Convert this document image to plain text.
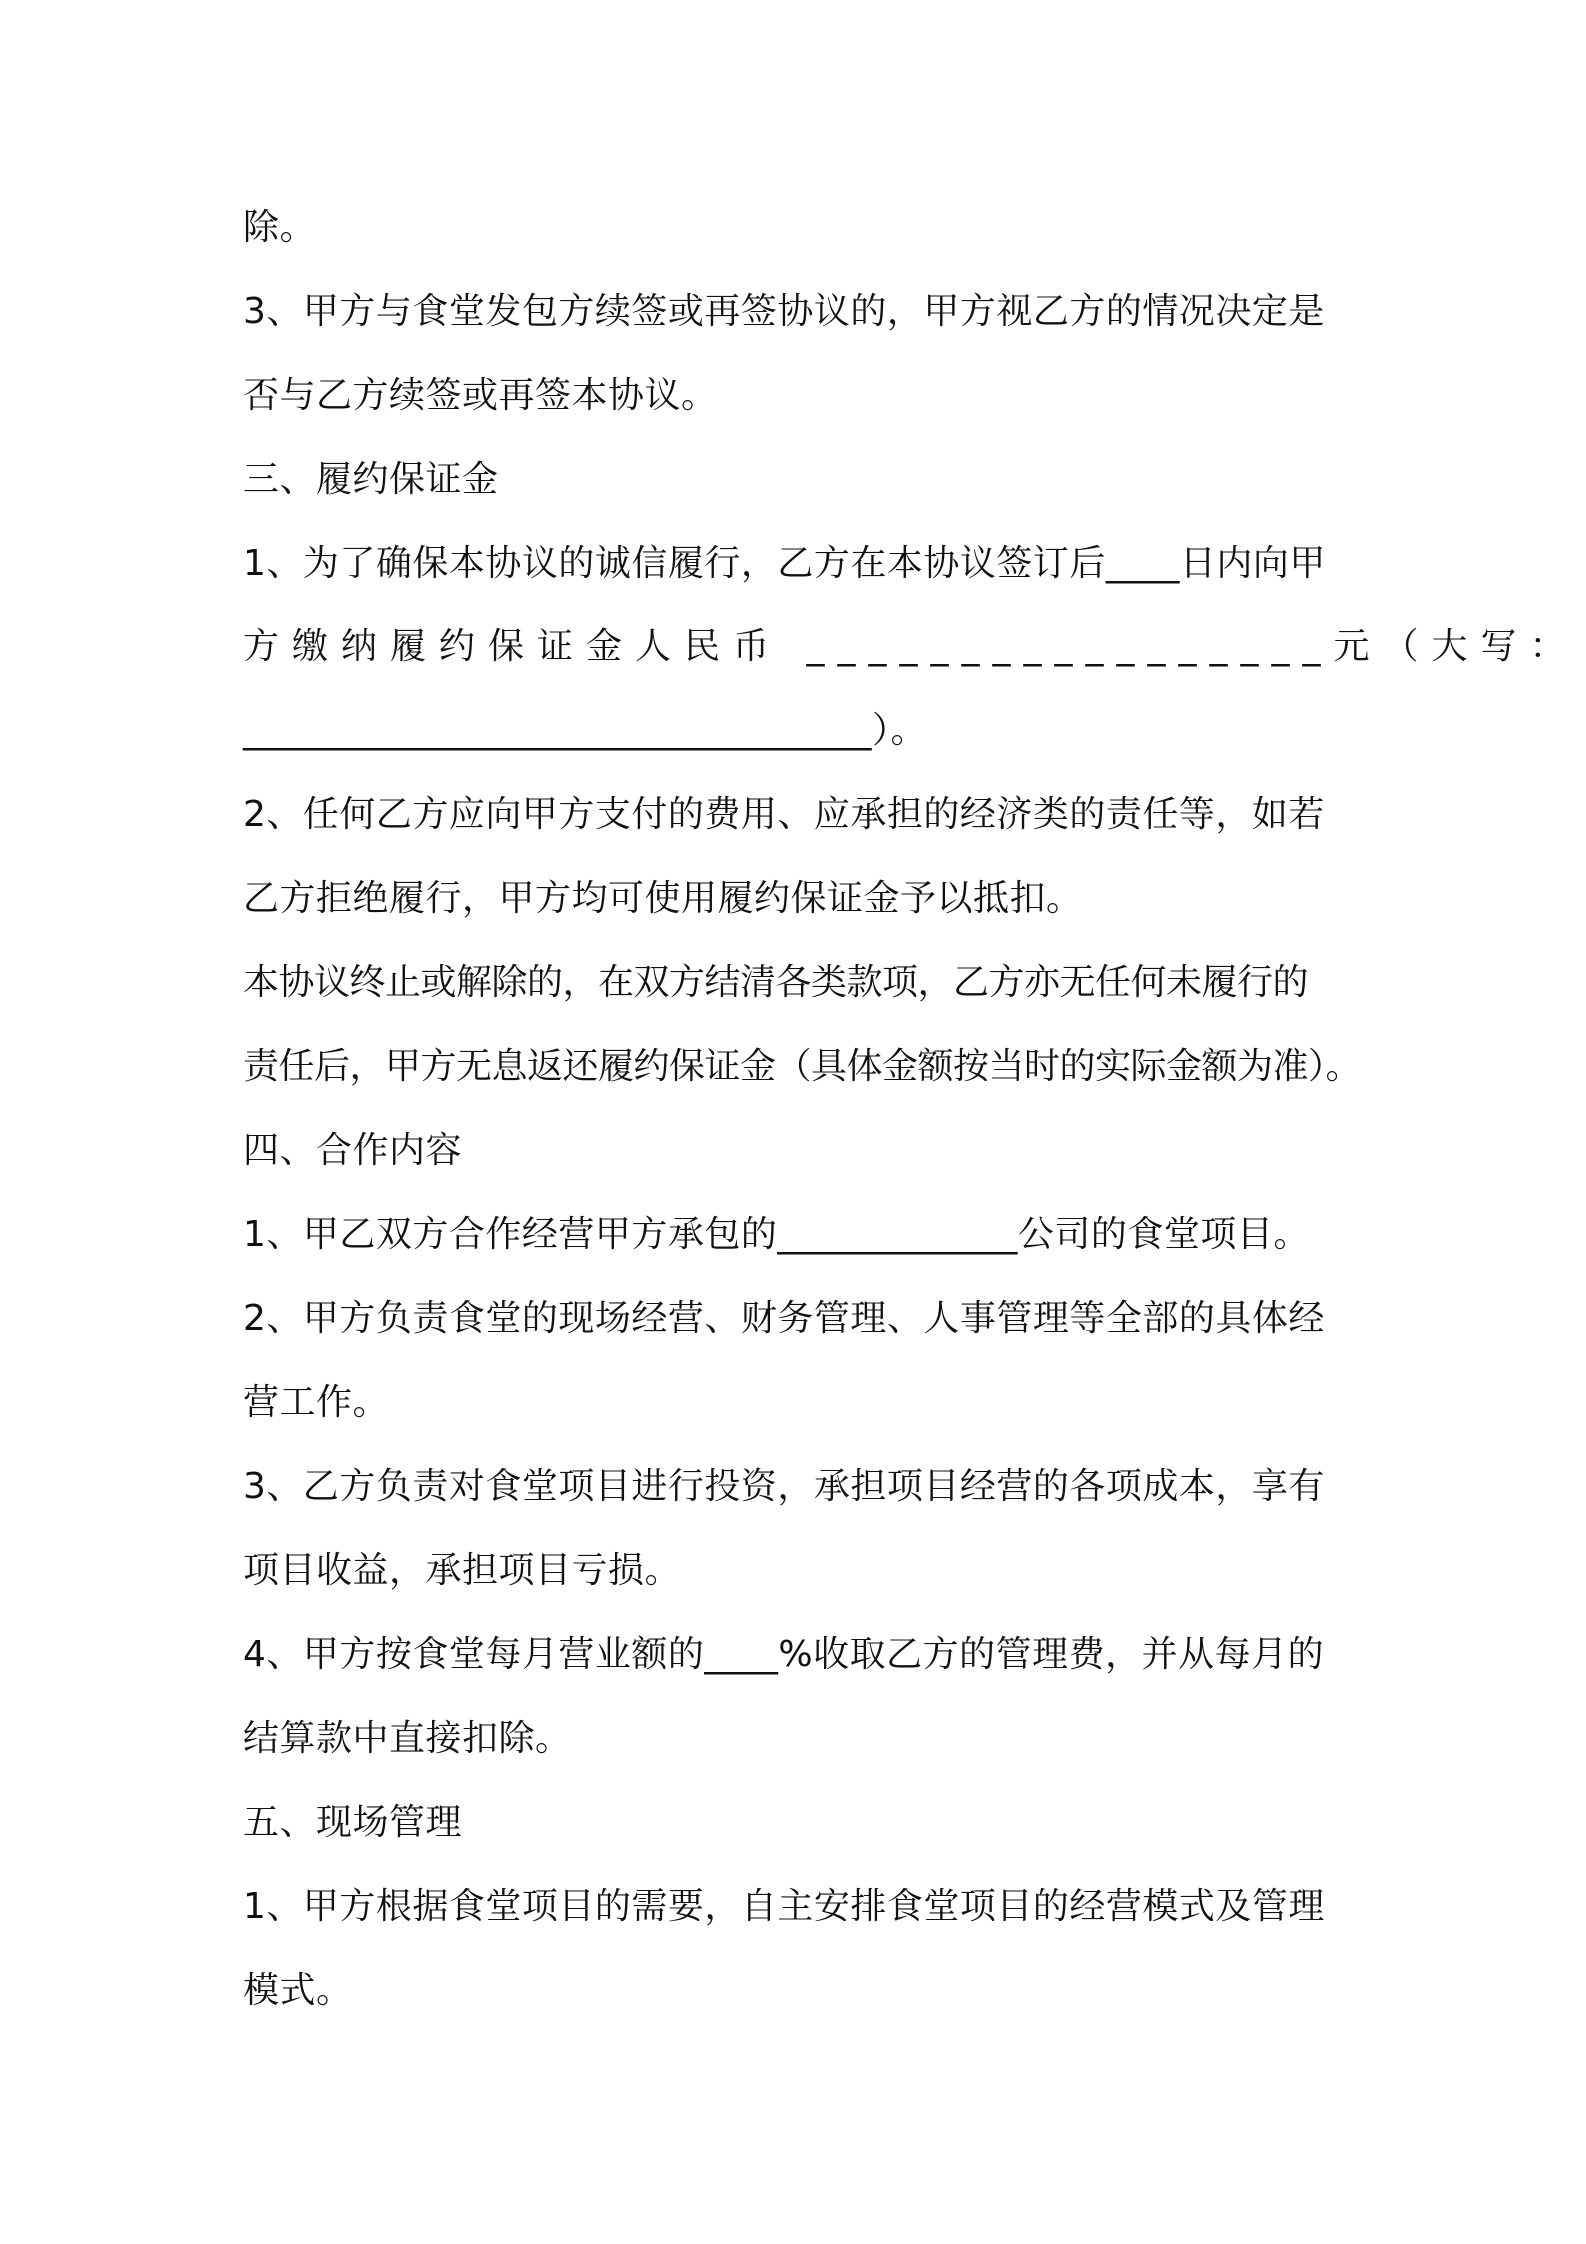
除。
3、甲方与食堂发包方续签或再签协议的，甲方视乙方的情况决定是
否与乙方续签或再签本协议。
三、履约保证金
1、为了确保本协议的诚信履行，乙方在本协议签订后____日内向甲
方缴纳履约保证金人民币 _________________元（大写：
__________________________________）。
2、任何乙方应向甲方支付的费用、应承担的经济类的责任等，如若
乙方拒绝履行，甲方均可使用履约保证金予以抵扣。
本协议终止或解除的，在双方结清各类款项，乙方亦无任何未履行的
责任后，甲方无息返还履约保证金（具体金额按当时的实际金额为准）。
四、合作内容
1、甲乙双方合作经营甲方承包的_____________公司的食堂项目。
2、甲方负责食堂的现场经营、财务管理、人事管理等全部的具体经
营工作。
3、乙方负责对食堂项目进行投资，承担项目经营的各项成本，享有
项目收益，承担项目亏损。
4、甲方按食堂每月营业额的____%收取乙方的管理费，并从每月的
结算款中直接扣除。
五、现场管理
1、甲方根据食堂项目的需要，自主安排食堂项目的经营模式及管理
模式。
